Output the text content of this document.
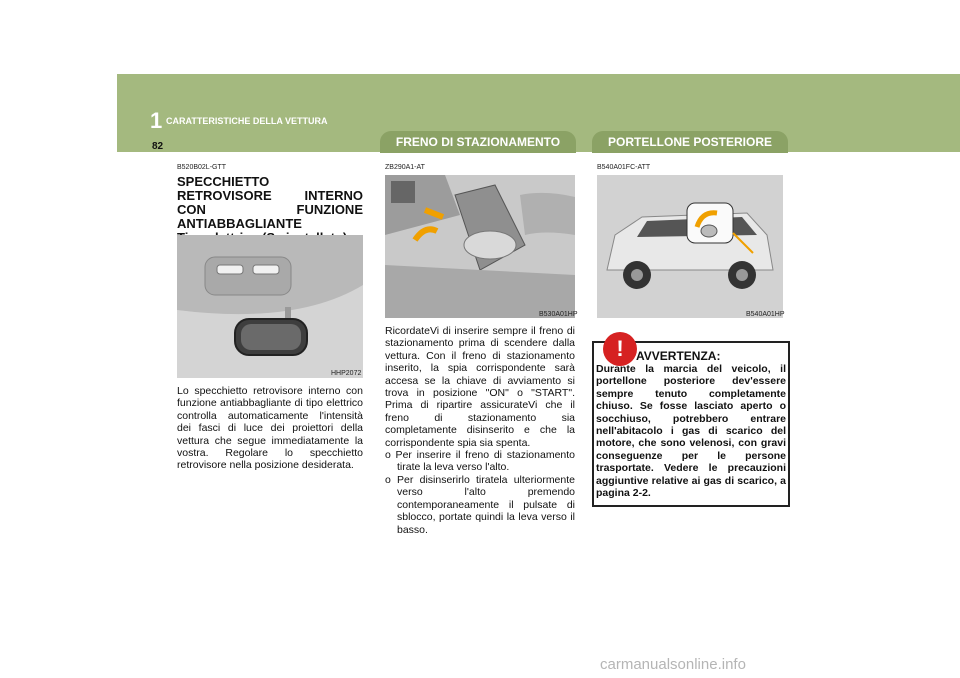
1 CARATTERISTICHE DELLA VETTURA
82	FRENO DI STAZIONAMENTO	PORTELLONE POSTERIORE
B520B02L-GTT
SPECCHIETTO RETROVISORE INTERNO CON FUNZIONE ANTIABBAGLIANTE
HHP2072
Lo specchietto retrovisore interno con funzione antiabbagliante di tipo elettrico controlla automaticamente l'intensità dei fasci di luce dei proiettori della vettura che segue immediatamente la vostra. Regolare lo specchietto retrovisore nella posizione desiderata.
ZB290A1-AT
B530A01HP
RicordateVi di inserire sempre il freno di stazionamento prima di scendere dalla vettura. Con il freno di stazionamento inserito, la spia corrispondente sarà accesa se la chiave di avviamento si trova in posizione "ON" o "START". Prima di ripartire assicurateVi che il freno di stazionamento sia completamente disinserito e che la corrispondente spia sia spenta.
o Per inserire il freno di stazionamento tirate la leva verso l'alto.
o Per disinserirlo tiratela ulteriormente verso l'alto premendo contemporaneamente il pulsate di sblocco, portate quindi la leva verso il basso.
B540A01FC-ATT
B540A01HP
!	AVVERTENZA:
Durante la marcia del veicolo, il portellone posteriore dev'essere sempre tenuto completamente chiuso. Se fosse lasciato aperto o socchiuso, potrebbero entrare nell'abitacolo i gas di scarico del motore, che sono velenosi, con gravi conseguenze per le persone trasportate. Vedere le precauzioni aggiuntive relative ai gas di scarico, a pagina 2-2.
carmanualsonline.info
